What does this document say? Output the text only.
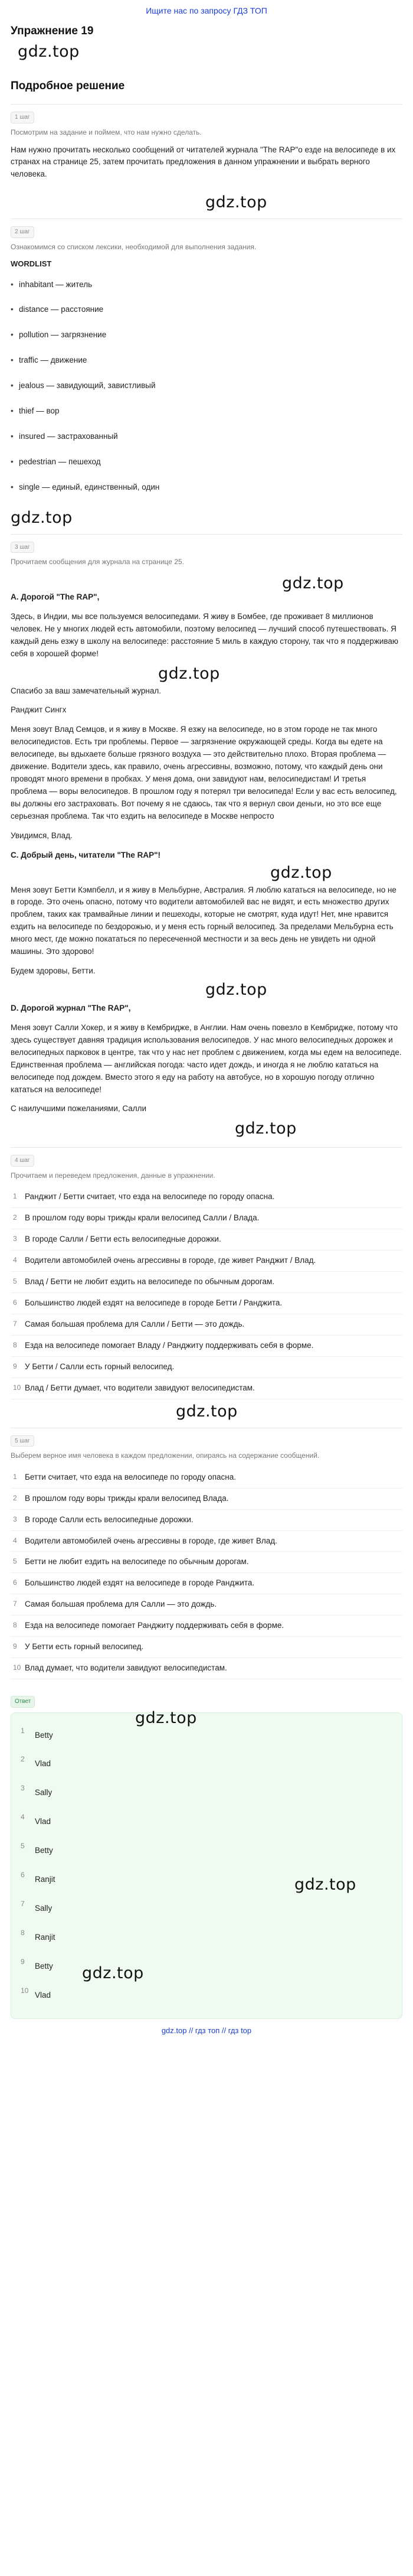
Ищите нас по запросу ГДЗ ТОП
Упражнение 19
gdz.top
Подробное решение
1 шаг
Посмотрим на задание и поймем, что нам нужно сделать.

Нам нужно прочитать несколько сообщений от читателей журнала "The RAP"о езде на велосипеде в их странах на странице 25, затем прочитать предложения в данном упражнении и выбрать верного человека.

gdz.top
2 шаг
Ознакомимся со списком лексики, необходимой для выполнения задания.
WORDLIST
• inhabitant — житель
• distance — расстояние
• pollution — загрязнение
• traffic — движение
• jealous — завидующий, завистливый
• thief — вор
• insured — застрахованный
• pedestrian — пешеход
• single — единый, единственный, один
gdz.top
3 шаг
Прочитаем сообщения для журнала на странице 25.
gdz.top

A. Дорогой "The RAP",

Здесь, в Индии, мы все пользуемся велосипедами. Я живу в Бомбее, где проживает 8 миллионов человек. Не у многих людей есть автомобили, поэтому велосипед — лучший способ путешествовать. Я каждый день езжу в школу на велосипеде: расстояние 5 миль в каждую сторону, так что я поддерживаю себя в хорошей форме!

gdz.top

Спасибо за ваш замечательный журнал.

Ранджит Сингх

Меня зовут Влад Семцов, и я живу в Москве. Я езжу на велосипеде, но в этом городе не так много велосипедистов. Есть три проблемы. Первое — загрязнение окружающей среды. Когда вы едете на велосипеде, вы вдыхаете больше грязного воздуха — это действительно плохо. Вторая проблема — движение. Водители здесь, как правило, очень агрессивны, возможно, потому, что каждый день они проводят много времени в пробках. У меня дома, они завидуют нам, велосипедистам! И третья проблема — воры велосипедов. В прошлом году я потерял три велосипеда! Если у вас есть велосипед, вы должны его застраховать. Вот почему я не сдаюсь, так что я вернул свои деньги, но это все еще серьезная проблема. Так что ездить на велосипеде в Москве непросто

Увидимся, Влад.

C. Добрый день, читатели "The RAP"!

gdz.top

Меня зовут Бетти Кэмпбелл, и я живу в Мельбурне, Австралия. Я люблю кататься на велосипеде, но не в городе. Это очень опасно, потому что водители автомобилей вас не видят, и есть множество других проблем, таких как трамвайные линии и пешеходы, которые не смотрят, куда идут! Нет, мне нравится ездить на велосипеде по бездорожью, и у меня есть горный велосипед. За пределами Мельбурна есть много мест, где можно покататься по пересеченной местности и за весь день не увидеть ни одной машины. Это здорово!

Будем здоровы, Бетти.

gdz.top

D. Дорогой журнал "The RAP",

Меня зовут Салли Хокер, и я живу в Кембридже, в Англии. Нам очень повезло в Кембридже, потому что здесь существует давняя традиция использования велосипедов. У нас много велосипедных дорожек и велосипедных парковок в центре, так что у нас нет проблем с движением, когда мы едем на велосипеде. Единственная проблема — английская погода: часто идет дождь, и иногда я не люблю кататься на велосипеде под дождем. Вместо этого я еду на работу на автобусе, но в хорошую погоду отлично кататься на велосипеде!

С наилучшими пожеланиями, Салли

gdz.top
4 шаг
Прочитаем и переведем предложения, данные в упражнении.
Ранджит / Бетти считает, что езда на велосипеде по городу опасна.
В прошлом году воры трижды крали велосипед Салли / Влада.
В городе Салли / Бетти есть велосипедные дорожки.
Водители автомобилей очень агрессивны в городе, где живет Ранджит / Влад.
Влад / Бетти не любит ездить на велосипеде по обычным дорогам.
Большинство людей ездят на велосипеде в городе Бетти / Ранджита.
Самая большая проблема для Салли / Бетти — это дождь.
Езда на велосипеде помогает Владу / Ранджиту поддерживать себя в форме.
У Бетти / Салли есть горный велосипед.
Влад / Бетти думает, что водители завидуют велосипедистам.
gdz.top
5 шаг
Выберем верное имя человека в каждом предложении, опираясь на содержание сообщений.
Бетти считает, что езда на велосипеде по городу опасна.
В прошлом году воры трижды крали велосипед Влада.
В городе Салли есть велосипедные дорожки.
Водители автомобилей очень агрессивны в городе, где живет Влад.
Бетти не любит ездить на велосипеде по обычным дорогам.
Большинство людей ездят на велосипеде в городе Ранджита.
Самая большая проблема для Салли — это дождь.
Езда на велосипеде помогает Ранджиту поддерживать себя в форме.
У Бетти есть горный велосипед.
Влад думает, что водители завидуют велосипедистам.
Ответ
gdz.top
gdz.top
gdz.top
Betty
Vlad
Sally
Vlad
Betty
Ranjit
Sally
Ranjit
Betty
Vlad
gdz.top // гдз топ // гдз top
